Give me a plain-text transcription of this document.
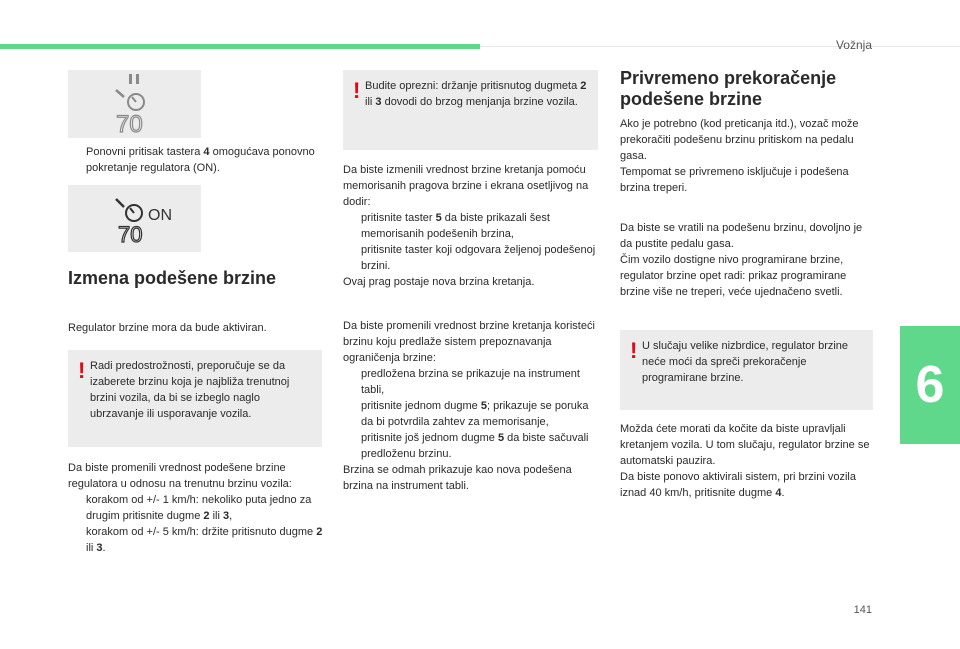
Vožnja
6
141
70
Ponovni pritisak tastera 4 omogućava ponovno pokretanje regulatora (ON).
ON
70
Izmena podešene brzine

Regulator brzine mora da bude aktiviran.

! Radi predostrožnosti, preporučuje se da izaberete brzinu koja je najbliža trenutnoj brzini vozila, da bi se izbeglo naglo ubrzavanje ili usporavanje vozila.

Da biste promenili vrednost podešene brzine regulatora u odnosu na trenutnu brzinu vozila:

korakom od +/- 1 km/h: nekoliko puta jedno za drugim pritisnite dugme 2 ili 3,
korakom od +/- 5 km/h: držite pritisnuto dugme 2 ili 3.
! Budite oprezni: držanje pritisnutog dugmeta 2 ili 3 dovodi do brzog menjanja brzine vozila.

Da biste izmenili vrednost brzine kretanja pomoću memorisanih pragova brzine i ekrana osetljivog na dodir:

pritisnite taster 5 da biste prikazali šest memorisanih podešenih brzina,
pritisnite taster koji odgovara željenoj podešenoj brzini.

Ovaj prag postaje nova brzina kretanja.

Da biste promenili vrednost brzine kretanja koristeći brzinu koju predlaže sistem prepoznavanja ograničenja brzine:

predložena brzina se prikazuje na instrument tabli,
pritisnite jednom dugme 5; prikazuje se poruka da bi potvrdila zahtev za memorisanje,
pritisnite još jednom dugme 5 da biste sačuvali predloženu brzinu.

Brzina se odmah prikazuje kao nova podešena brzina na instrument tabli.

Privremeno prekoračenje podešene brzine

Ako je potrebno (kod preticanja itd.), vozač može prekoračiti podešenu brzinu pritiskom na pedalu gasa.

Tempomat se privremeno isključuje i podešena brzina treperi.

Da biste se vratili na podešenu brzinu, dovoljno je da pustite pedalu gasa.

Čim vozilo dostigne nivo programirane brzine, regulator brzine opet radi: prikaz programirane brzine više ne treperi, veće ujednačeno svetli.

! U slučaju velike nizbrdice, regulator brzine neće moći da spreči prekoračenje programirane brzine.

Možda ćete morati da kočite da biste upravljali kretanjem vozila. U tom slučaju, regulator brzine se automatski pauzira.

Da biste ponovo aktivirali sistem, pri brzini vozila iznad 40 km/h, pritisnite dugme 4.
